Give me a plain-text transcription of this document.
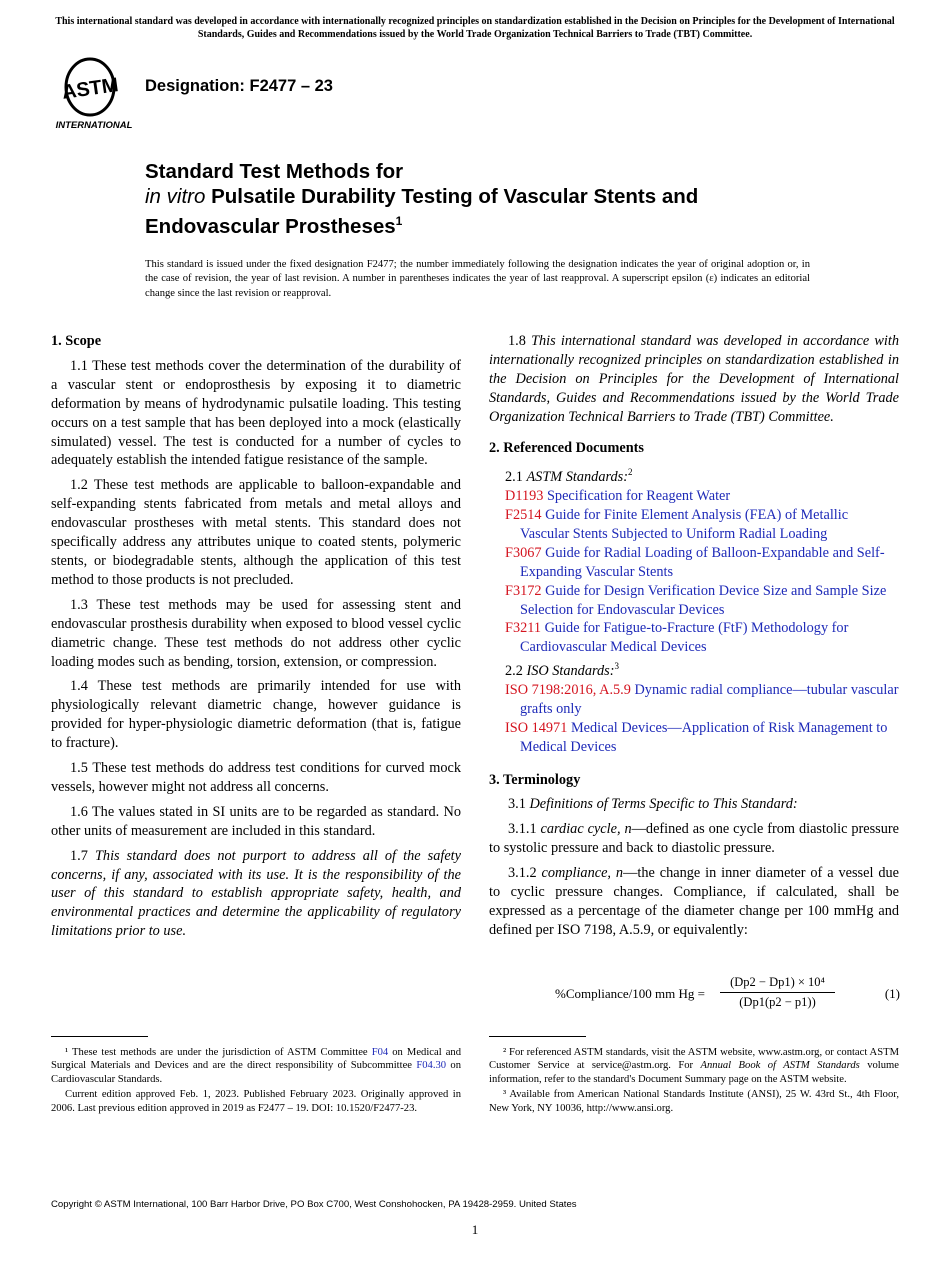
This international standard was developed in accordance with internationally recognized principles on standardization established in the Decision on Principles for the Development of International Standards, Guides and Recommendations issued by the World Trade Organization Technical Barriers to Trade (TBT) Committee.
ASTM
INTERNATIONAL
Designation: F2477 – 23
Standard Test Methods for
in vitro Pulsatile Durability Testing of Vascular Stents and
Endovascular Prostheses$^1$
This standard is issued under the fixed designation F2477; the number immediately following the designation indicates the year of original adoption or, in the case of revision, the year of last revision. A number in parentheses indicates the year of last reapproval. A superscript epsilon (ε) indicates an editorial change since the last revision or reapproval.
1. Scope

1.1 These test methods cover the determination of the durability of a vascular stent or endoprosthesis by exposing it to diametric deformation by means of hydrodynamic pulsatile loading. This testing occurs on a test sample that has been deployed into a mock (elastically simulated) vessel. The test is conducted for a number of cycles to adequately establish the intended fatigue resistance of the sample.

1.2 These test methods are applicable to balloon-expandable and self-expanding stents fabricated from metals and metal alloys and endovascular prostheses with metal stents. This standard does not specifically address any attributes unique to coated stents, polymeric stents, or biodegradable stents, although the application of this test method to those products is not precluded.

1.3 These test methods may be used for assessing stent and endovascular prosthesis durability when exposed to blood vessel cyclic diametric change. These test methods do not address other cyclic loading modes such as bending, torsion, extension, or compression.

1.4 These test methods are primarily intended for use with physiologically relevant diametric change, however guidance is provided for hyper-physiologic diametric deformation (that is, fatigue to fracture).

1.5 These test methods do address test conditions for curved mock vessels, however might not address all concerns.

1.6 The values stated in SI units are to be regarded as standard. No other units of measurement are included in this standard.

1.7 This standard does not purport to address all of the safety concerns, if any, associated with its use. It is the responsibility of the user of this standard to establish appropriate safety, health, and environmental practices and determine the applicability of regulatory limitations prior to use.

1.8 This international standard was developed in accordance with internationally recognized principles on standardization established in the Decision on Principles for the Development of International Standards, Guides and Recommendations issued by the World Trade Organization Technical Barriers to Trade (TBT) Committee.

2. Referenced Documents
2.1 ASTM Standards:$^2$
D1193 Specification for Reagent Water
F2514 Guide for Finite Element Analysis (FEA) of Metallic Vascular Stents Subjected to Uniform Radial Loading
F3067 Guide for Radial Loading of Balloon-Expandable and Self-Expanding Vascular Stents
F3172 Guide for Design Verification Device Size and Sample Size Selection for Endovascular Devices
F3211 Guide for Fatigue-to-Fracture (FtF) Methodology for Cardiovascular Medical Devices
2.2 ISO Standards:$^3$
ISO 7198:2016, A.5.9 Dynamic radial compliance—tubular vascular grafts only
ISO 14971 Medical Devices—Application of Risk Management to Medical Devices
3. Terminology

3.1 Definitions of Terms Specific to This Standard:

3.1.1 cardiac cycle, n—defined as one cycle from diastolic pressure to systolic pressure and back to diastolic pressure.

3.1.2 compliance, n—the change in inner diameter of a vessel due to cyclic pressure changes. Compliance, if calculated, shall be expressed as a percentage of the diameter change per 100 mmHg and defined per ISO 7198, A.5.9, or equivalently:

%Compliance/100 mm $Hg = \frac{\text{(Dp2 − Dp1) × 10⁴}}{(Dp1(p2 - p1))}$	(1)

¹ These test methods are under the jurisdiction of ASTM Committee F04 on Medical and Surgical Materials and Devices and are the direct responsibility of Subcommittee F04.30 on Cardiovascular Standards.

Current edition approved Feb. 1, 2023. Published February 2023. Originally approved in 2006. Last previous edition approved in 2019 as F2477 – 19. DOI: 10.1520/F2477-23.

² For referenced ASTM standards, visit the ASTM website, www.astm.org, or contact ASTM Customer Service at service@astm.org. For Annual Book of ASTM Standards volume information, refer to the standard's Document Summary page on the ASTM website.

³ Available from American National Standards Institute (ANSI), 25 W. 43rd St., 4th Floor, New York, NY 10036, http://www.ansi.org.

Copyright © ASTM International, 100 Barr Harbor Drive, PO Box C700, West Conshohocken, PA 19428-2959. United States
1
